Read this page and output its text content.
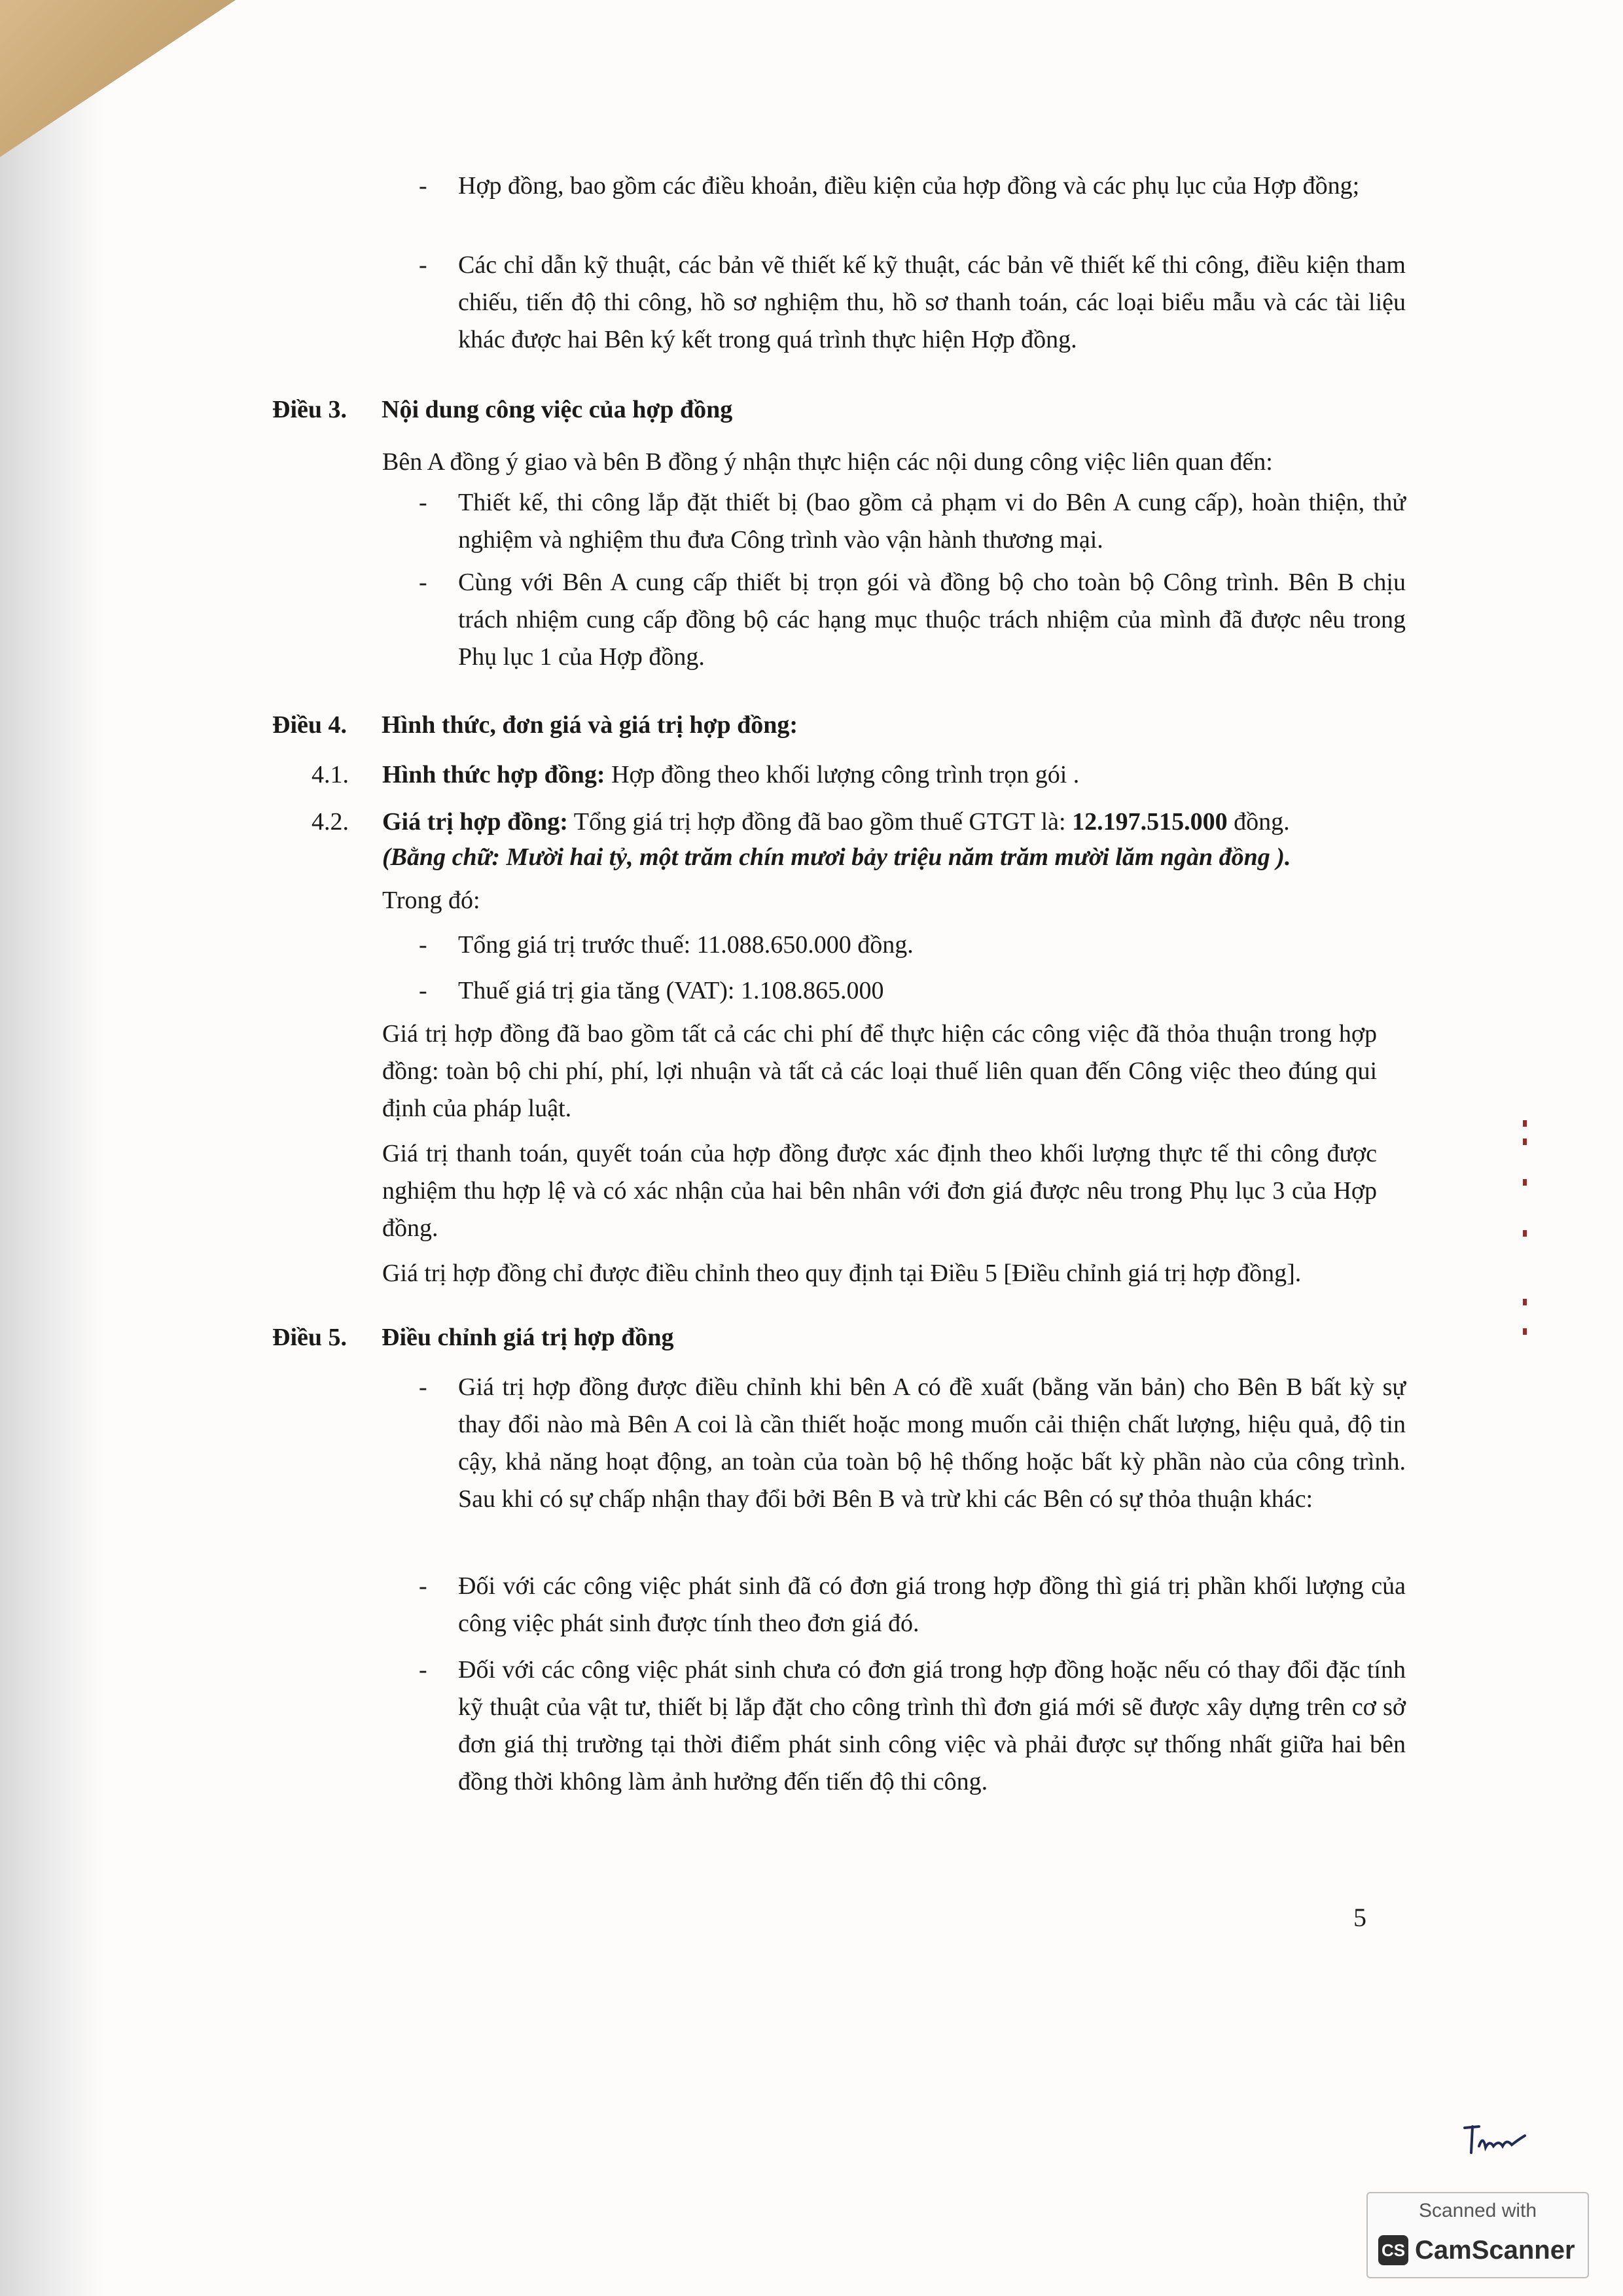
- Hợp đồng, bao gồm các điều khoản, điều kiện của hợp đồng và các phụ lục của Hợp đồng;
- Các chỉ dẫn kỹ thuật, các bản vẽ thiết kế kỹ thuật, các bản vẽ thiết kế thi công, điều kiện tham chiếu, tiến độ thi công, hồ sơ nghiệm thu, hồ sơ thanh toán, các loại biểu mẫu và các tài liệu khác được hai Bên ký kết trong quá trình thực hiện Hợp đồng.
Điều 3. Nội dung công việc của hợp đồng
Bên A đồng ý giao và bên B đồng ý nhận thực hiện các nội dung công việc liên quan đến:
- Thiết kế, thi công lắp đặt thiết bị (bao gồm cả phạm vi do Bên A cung cấp), hoàn thiện, thử nghiệm và nghiệm thu đưa Công trình vào vận hành thương mại.
- Cùng với Bên A cung cấp thiết bị trọn gói và đồng bộ cho toàn bộ Công trình. Bên B chịu trách nhiệm cung cấp đồng bộ các hạng mục thuộc trách nhiệm của mình đã được nêu trong Phụ lục 1 của Hợp đồng.
Điều 4. Hình thức, đơn giá và giá trị hợp đồng:
4.1. Hình thức hợp đồng: Hợp đồng theo khối lượng công trình trọn gói .
4.2. Giá trị hợp đồng: Tổng giá trị hợp đồng đã bao gồm thuế GTGT là: 12.197.515.000 đồng.
(Bằng chữ: Mười hai tỷ, một trăm chín mươi bảy triệu năm trăm mười lăm ngàn đồng ).
Trong đó:
- Tổng giá trị trước thuế: 11.088.650.000 đồng.
- Thuế giá trị gia tăng (VAT): 1.108.865.000
Giá trị hợp đồng đã bao gồm tất cả các chi phí để thực hiện các công việc đã thỏa thuận trong hợp đồng: toàn bộ chi phí, phí, lợi nhuận và tất cả các loại thuế liên quan đến Công việc theo đúng qui định của pháp luật.
Giá trị thanh toán, quyết toán của hợp đồng được xác định theo khối lượng thực tế thi công được nghiệm thu hợp lệ và có xác nhận của hai bên nhân với đơn giá được nêu trong Phụ lục 3 của Hợp đồng.
Giá trị hợp đồng chỉ được điều chỉnh theo quy định tại Điều 5 [Điều chỉnh giá trị hợp đồng].
Điều 5. Điều chỉnh giá trị hợp đồng
- Giá trị hợp đồng được điều chỉnh khi bên A có đề xuất (bằng văn bản) cho Bên B bất kỳ sự thay đổi nào mà Bên A coi là cần thiết hoặc mong muốn cải thiện chất lượng, hiệu quả, độ tin cậy, khả năng hoạt động, an toàn của toàn bộ hệ thống hoặc bất kỳ phần nào của công trình. Sau khi có sự chấp nhận thay đổi bởi Bên B và trừ khi các Bên có sự thỏa thuận khác:
- Đối với các công việc phát sinh đã có đơn giá trong hợp đồng thì giá trị phần khối lượng của công việc phát sinh được tính theo đơn giá đó.
- Đối với các công việc phát sinh chưa có đơn giá trong hợp đồng hoặc nếu có thay đổi đặc tính kỹ thuật của vật tư, thiết bị lắp đặt cho công trình thì đơn giá mới sẽ được xây dựng trên cơ sở đơn giá thị trường tại thời điểm phát sinh công việc và phải được sự thống nhất giữa hai bên đồng thời không làm ảnh hưởng đến tiến độ thi công.
5
Scanned with
CS CamScanner
